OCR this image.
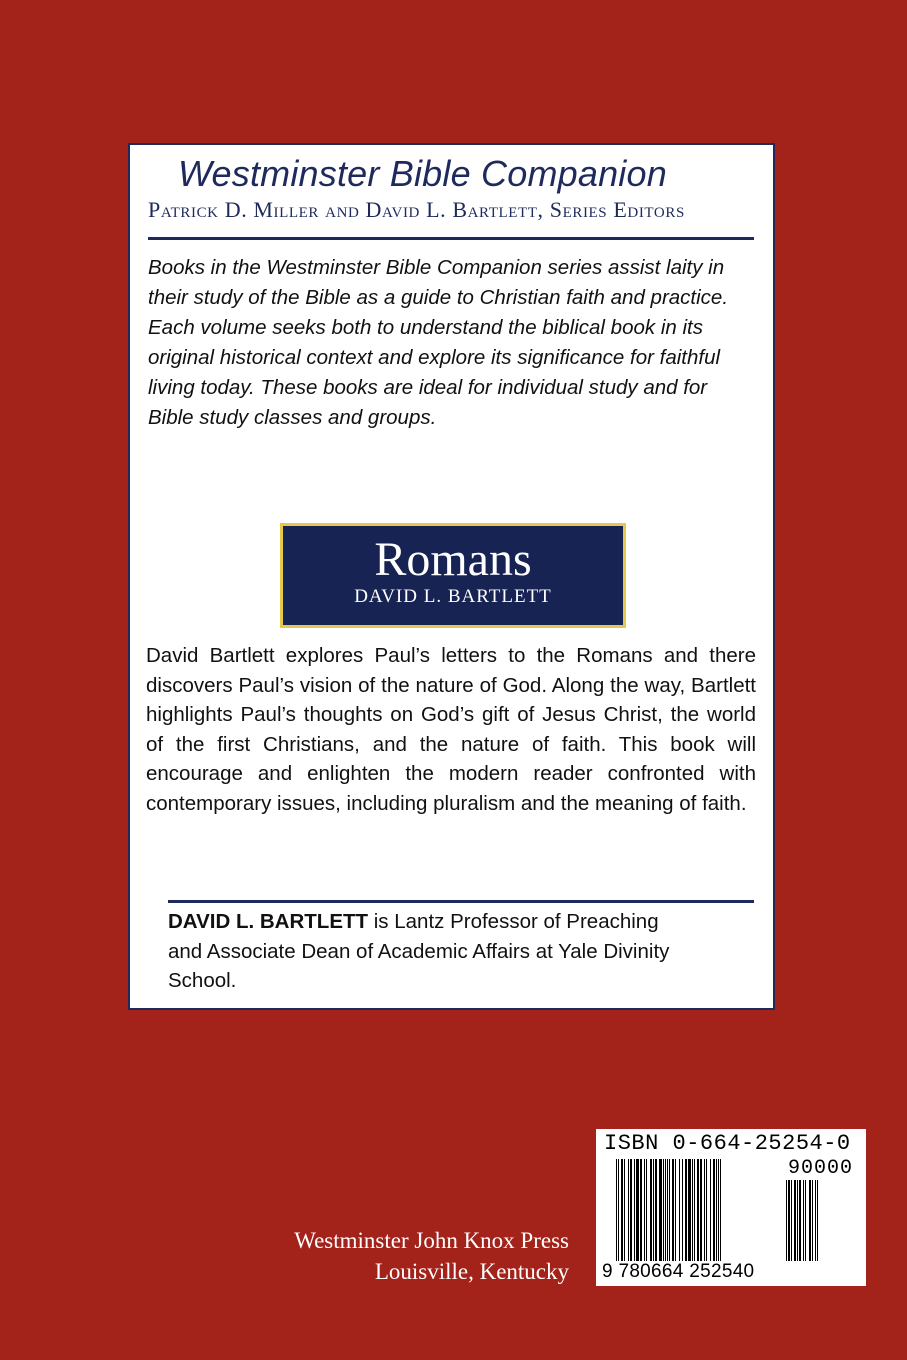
Westminster Bible Companion
Patrick D. Miller and David L. Bartlett, Series Editors
Books in the Westminster Bible Companion series assist laity in their study of the Bible as a guide to Christian faith and practice. Each volume seeks both to understand the biblical book in its original historical context and explore its significance for faithful living today. These books are ideal for individual study and for Bible study classes and groups.
Romans
DAVID L. BARTLETT
David Bartlett explores Paul’s letters to the Romans and there discovers Paul’s vision of the nature of God. Along the way, Bartlett highlights Paul’s thoughts on God’s gift of Jesus Christ, the world of the first Christians, and the nature of faith. This book will encourage and enlighten the modern reader confronted with contemporary issues, including pluralism and the meaning of faith.
DAVID L. BARTLETT is Lantz Professor of Preaching and Associate Dean of Academic Affairs at Yale Divinity School.
Westminster John Knox Press
Louisville, Kentucky
ISBN 0-664-25254-0
90000
9 780664 252540
